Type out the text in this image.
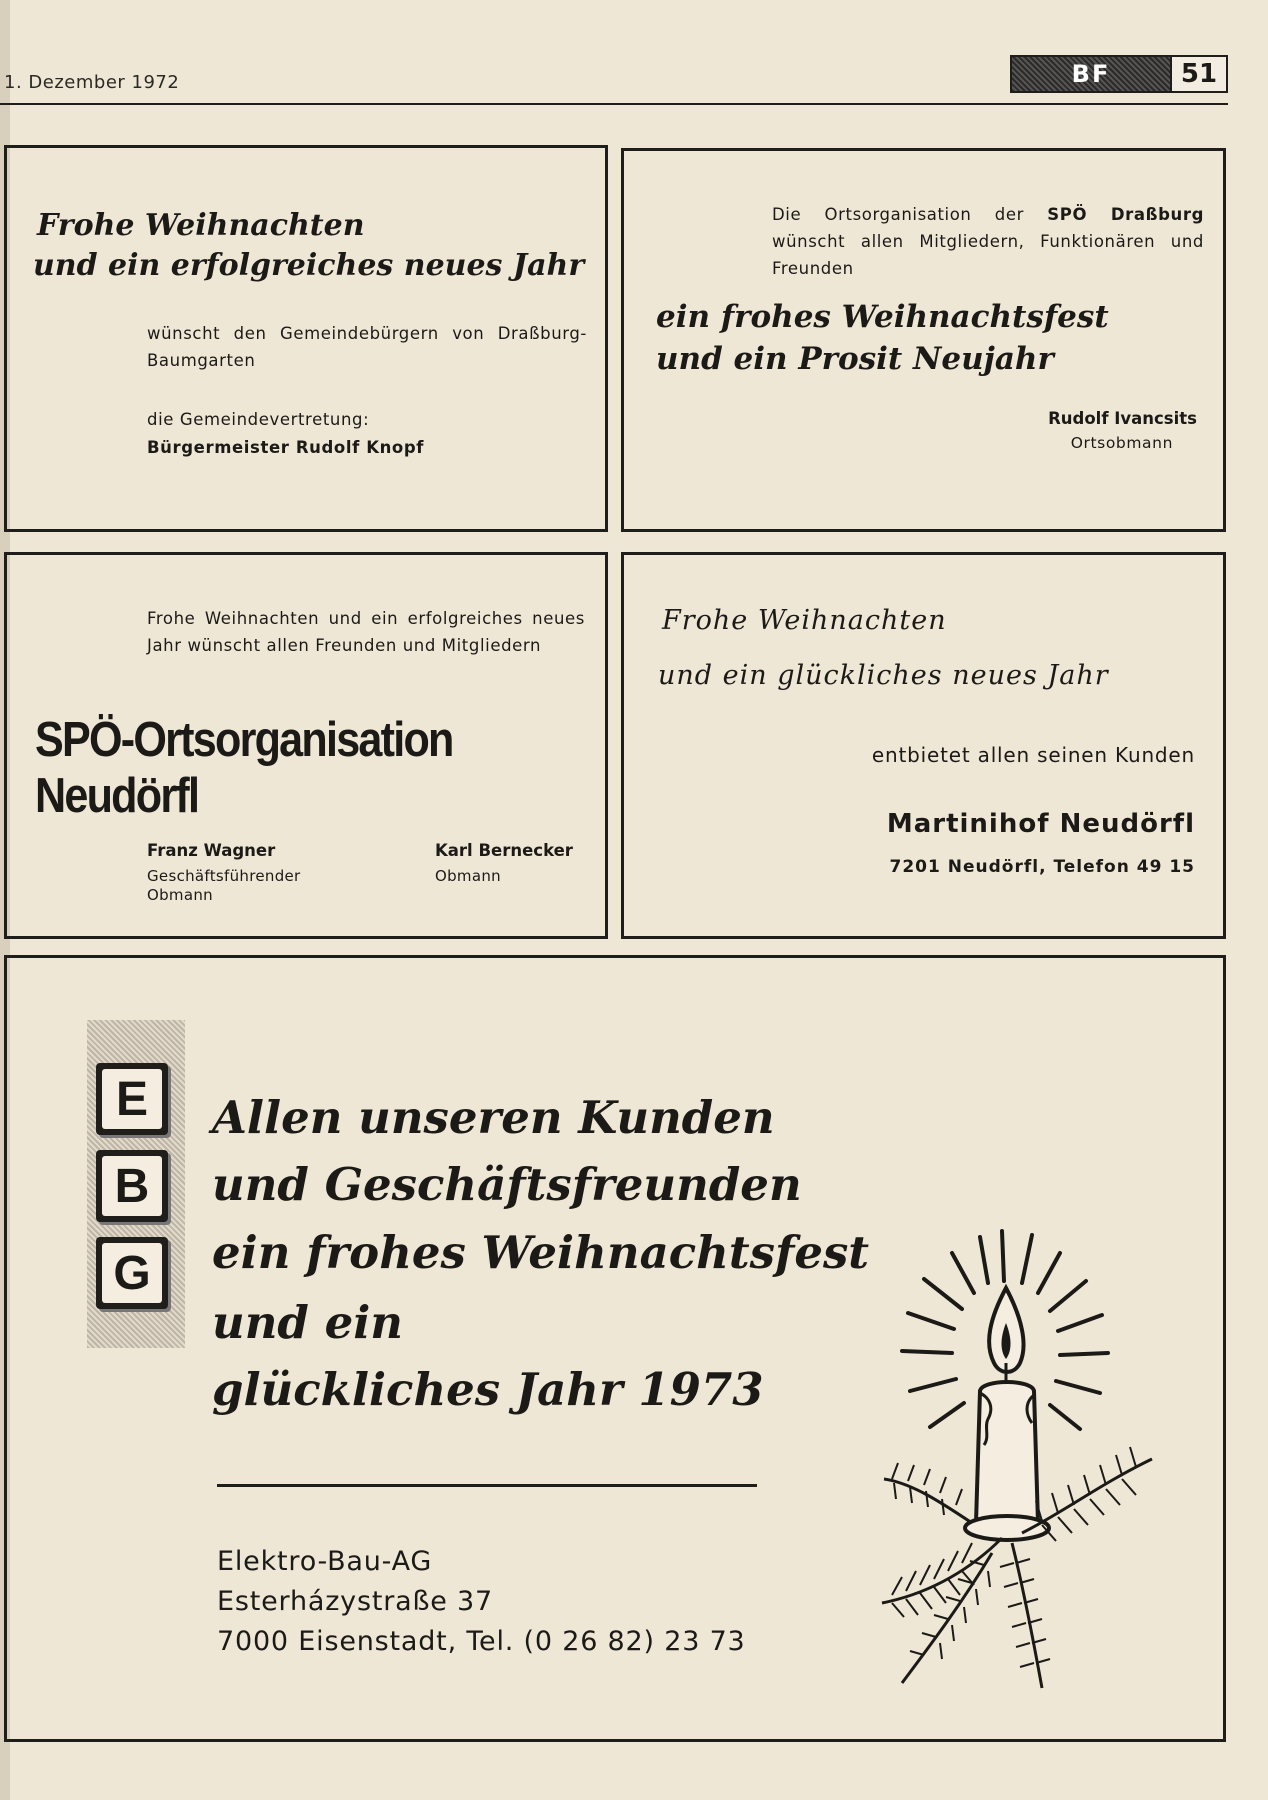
1. Dezember 1972	BF	51
Frohe Weihnachten
und ein erfolgreiches neues Jahr
wünscht den Gemeindebürgern von Draßburg-Baumgarten
die Gemeindevertretung:
Bürgermeister Rudolf Knopf
Die Ortsorganisation der SPÖ Draßburg wünscht allen Mitgliedern, Funktionären und Freunden
ein frohes Weihnachtsfest
und ein Prosit Neujahr
Rudolf Ivancsits
Ortsobmann
Frohe Weihnachten und ein erfolgreiches neues Jahr wünscht allen Freunden und Mitgliedern
SPÖ-Ortsorganisation
Neudörfl
Franz Wagner
Geschäftsführender
Obmann
Karl Bernecker
Obmann
Frohe Weihnachten
und ein glückliches neues Jahr
entbietet allen seinen Kunden
Martinihof Neudörfl
7201 Neudörfl, Telefon 49 15
E
B
G
Allen unseren Kunden
und Geschäftsfreunden
ein frohes Weihnachtsfest
und ein
glückliches Jahr 1973
Elektro-Bau-AG
Esterházystraße 37
7000 Eisenstadt, Tel. (0 26 82) 23 73
